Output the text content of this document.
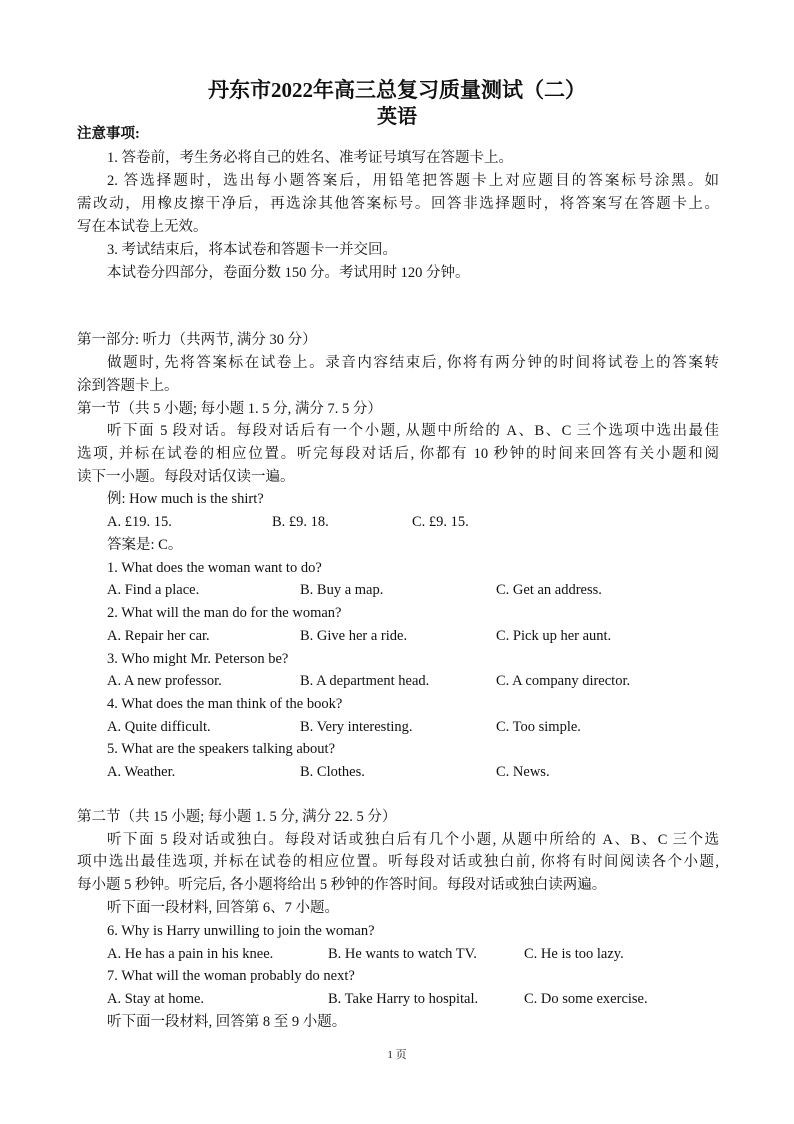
丹东市2022年高三总复习质量测试（二）
英语
注意事项:
1. 答卷前，考生务必将自己的姓名、准考证号填写在答题卡上。
2. 答选择题时，选出每小题答案后，用铅笔把答题卡上对应题目的答案标号涂黑。如
需改动，用橡皮擦干净后，再选涂其他答案标号。回答非选择题时，将答案写在答题卡上。
写在本试卷上无效。
3. 考试结束后，将本试卷和答题卡一并交回。
本试卷分四部分，卷面分数 150 分。考试用时 120 分钟。
第一部分: 听力（共两节, 满分 30 分）
做题时, 先将答案标在试卷上。录音内容结束后, 你将有两分钟的时间将试卷上的答案转
涂到答题卡上。
第一节（共 5 小题; 每小题 1. 5 分, 满分 7. 5 分）
听下面 5 段对话。每段对话后有一个小题, 从题中所给的 A、B、C 三个选项中选出最佳
选项, 并标在试卷的相应位置。听完每段对话后, 你都有 10 秒钟的时间来回答有关小题和阅
读下一小题。每段对话仅读一遍。
例: How much is the shirt?
A. £19. 15.	B. £9. 18.	C. £9. 15.
答案是: C。
1. What does the woman want to do?
A. Find a place.	B. Buy a map.	C. Get an address.
2. What will the man do for the woman?
A. Repair her car.	B. Give her a ride.	C. Pick up her aunt.
3. Who might Mr. Peterson be?
A. A new professor.	B. A department head.	C. A company director.
4. What does the man think of the book?
A. Quite difficult.	B. Very interesting.	C. Too simple.
5. What are the speakers talking about?
A. Weather.	B. Clothes.	C. News.
第二节（共 15 小题; 每小题 1. 5 分, 满分 22. 5 分）
听下面 5 段对话或独白。每段对话或独白后有几个小题, 从题中所给的 A、B、C 三个选
项中选出最佳选项, 并标在试卷的相应位置。听每段对话或独白前, 你将有时间阅读各个小题,
每小题 5 秒钟。听完后, 各小题将给出 5 秒钟的作答时间。每段对话或独白读两遍。
听下面一段材料, 回答第 6、7 小题。
6. Why is Harry unwilling to join the woman?
A. He has a pain in his knee.	B. He wants to watch TV.	C. He is too lazy.
7. What will the woman probably do next?
A. Stay at home.	B. Take Harry to hospital.	C. Do some exercise.
听下面一段材料, 回答第 8 至 9 小题。
1 页
